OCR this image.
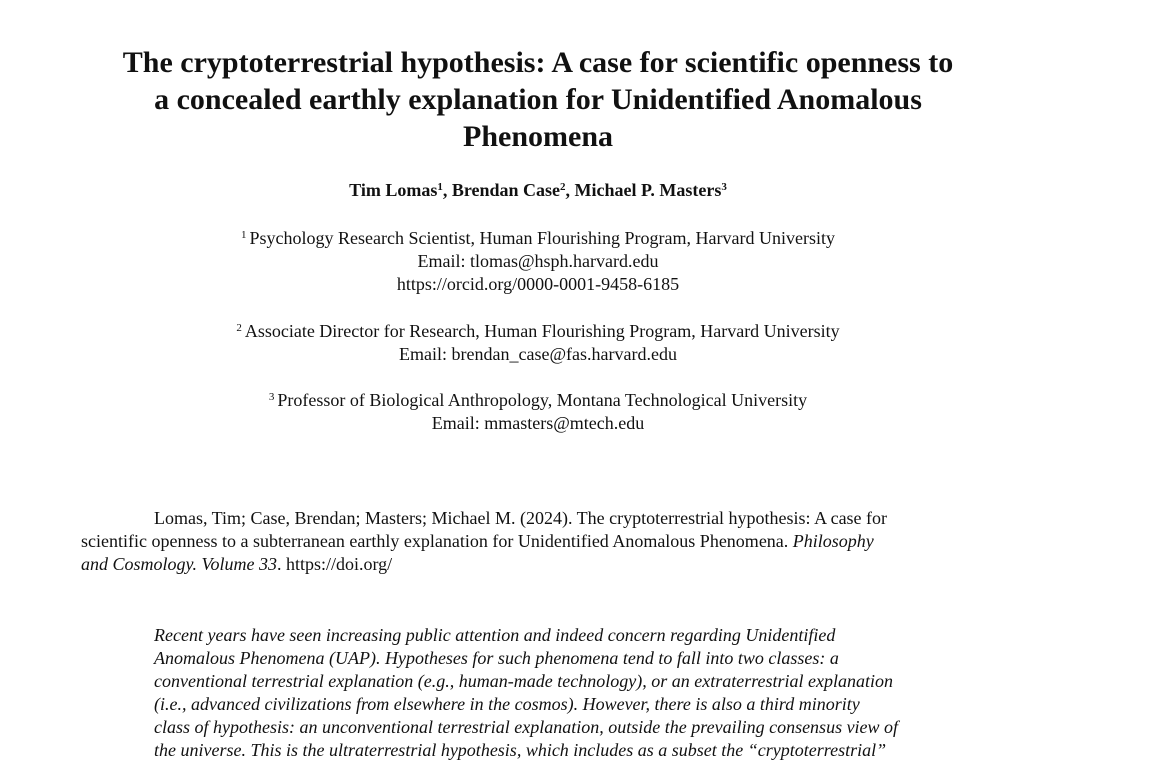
The cryptoterrestrial hypothesis: A case for scientific openness to
a concealed earthly explanation for Unidentified Anomalous
Phenomena
Tim Lomas$^1$, Brendan Case$^2$, Michael P. Masters$^3$
$^1$ Psychology Research Scientist, Human Flourishing Program, Harvard University
Email: tlomas@hsph.harvard.edu
https://orcid.org/0000-0001-9458-6185
$^2$ Associate Director for Research, Human Flourishing Program, Harvard University
Email: brendan_case@fas.harvard.edu
$^3$ Professor of Biological Anthropology, Montana Technological University
Email: mmasters@mtech.edu
Lomas, Tim; Case, Brendan; Masters; Michael M. (2024). The cryptoterrestrial hypothesis: A case for
scientific openness to a subterranean earthly explanation for Unidentified Anomalous Phenomena. Philosophy
and Cosmology. Volume 33. https://doi.org/
Recent years have seen increasing public attention and indeed concern regarding Unidentified
Anomalous Phenomena (UAP). Hypotheses for such phenomena tend to fall into two classes: a
conventional terrestrial explanation (e.g., human-made technology), or an extraterrestrial explanation
(i.e., advanced civilizations from elsewhere in the cosmos). However, there is also a third minority
class of hypothesis: an unconventional terrestrial explanation, outside the prevailing consensus view of
the universe. This is the ultraterrestrial hypothesis, which includes as a subset the “cryptoterrestrial”
